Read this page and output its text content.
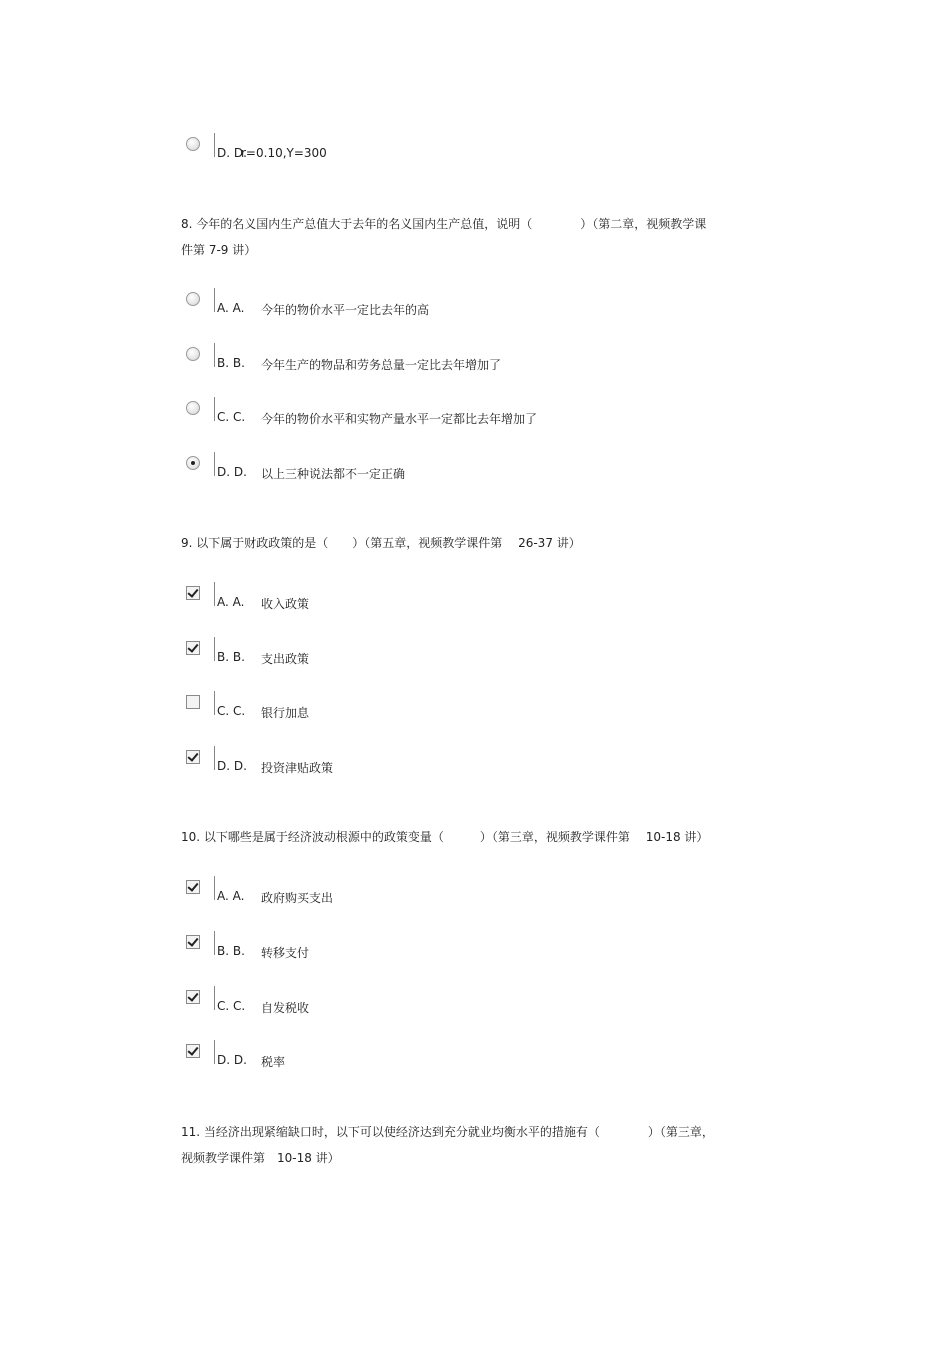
D. D.
r=0.10,Y=300
8. 今年的名义国内生产总值大于去年的名义国内生产总值，说明（　　　　）（第二章，视频教学课
件第 7-9 讲）
A. A. 今年的物价水平一定比去年的高
B. B. 今年生产的物品和劳务总量一定比去年增加了
C. C. 今年的物价水平和实物产量水平一定都比去年增加了
D. D. 以上三种说法都不一定正确
9. 以下属于财政政策的是（　　）（第五章，视频教学课件第　 26-37 讲）
A. A. 收入政策
B. B. 支出政策
C. C. 银行加息
D. D. 投资津贴政策
10. 以下哪些是属于经济波动根源中的政策变量（　　　）（第三章，视频教学课件第　 10-18 讲）
A. A. 政府购买支出
B. B. 转移支付
C. C. 自发税收
D. D. 税率
11. 当经济出现紧缩缺口时，以下可以使经济达到充分就业均衡水平的措施有（　　　　）（第三章，
视频教学课件第　10-18 讲）
